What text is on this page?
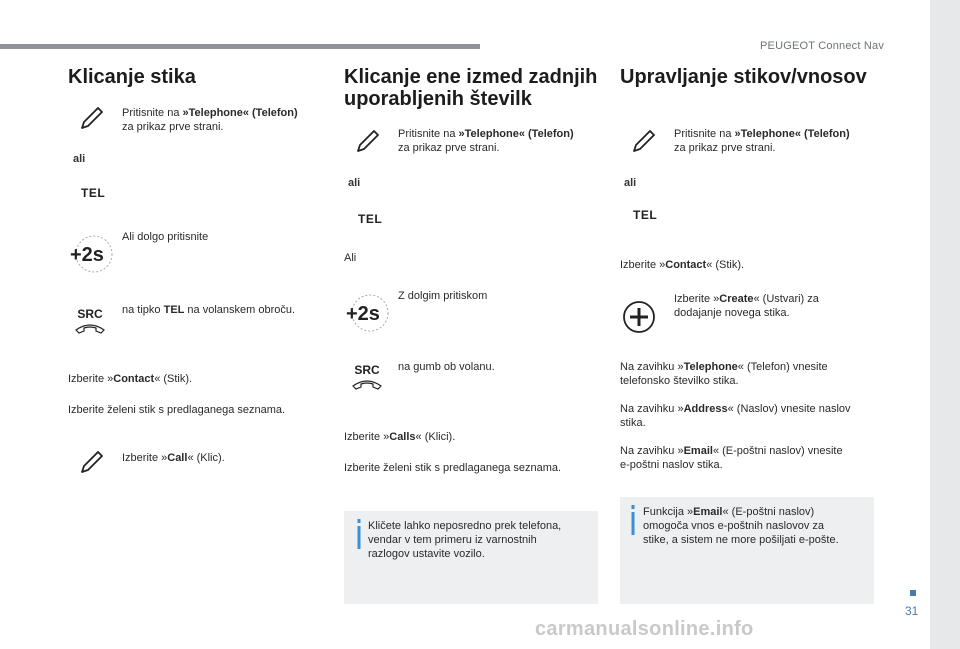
PEUGEOT Connect Nav
31
Klicanje stika
Pritisnite na »Telephone« (Telefon)
za prikaz prve strani.
ali
TEL
+2s
Ali dolgo pritisnite
SRC	na tipko TEL na volanskem obroču.
Izberite »Contact« (Stik).
Izberite želeni stik s predlaganega seznama.
Izberite »Call« (Klic).
Klicanje ene izmed zadnjih
uporabljenih številk
Pritisnite na »Telephone« (Telefon)
za prikaz prve strani.
ali
TEL
Ali
+2s
Z dolgim pritiskom
SRC	na gumb ob volanu.
Izberite »Calls« (Klici).
Izberite želeni stik s predlaganega seznama.
Kličete lahko neposredno prek telefona,
vendar v tem primeru iz varnostnih
razlogov ustavite vozilo.
Upravljanje stikov/vnosov
Pritisnite na »Telephone« (Telefon)
za prikaz prve strani.
ali
TEL
Izberite »Contact« (Stik).
Izberite »Create« (Ustvari) za
dodajanje novega stika.
Na zavihku »Telephone« (Telefon) vnesite
telefonsko številko stika.
Na zavihku »Address« (Naslov) vnesite naslov
stika.
Na zavihku »Email« (E-poštni naslov) vnesite
e-poštni naslov stika.
Funkcija »Email« (E-poštni naslov)
omogoča vnos e-poštnih naslovov za
stike, a sistem ne more pošiljati e-pošte.
carmanualsonline.info
